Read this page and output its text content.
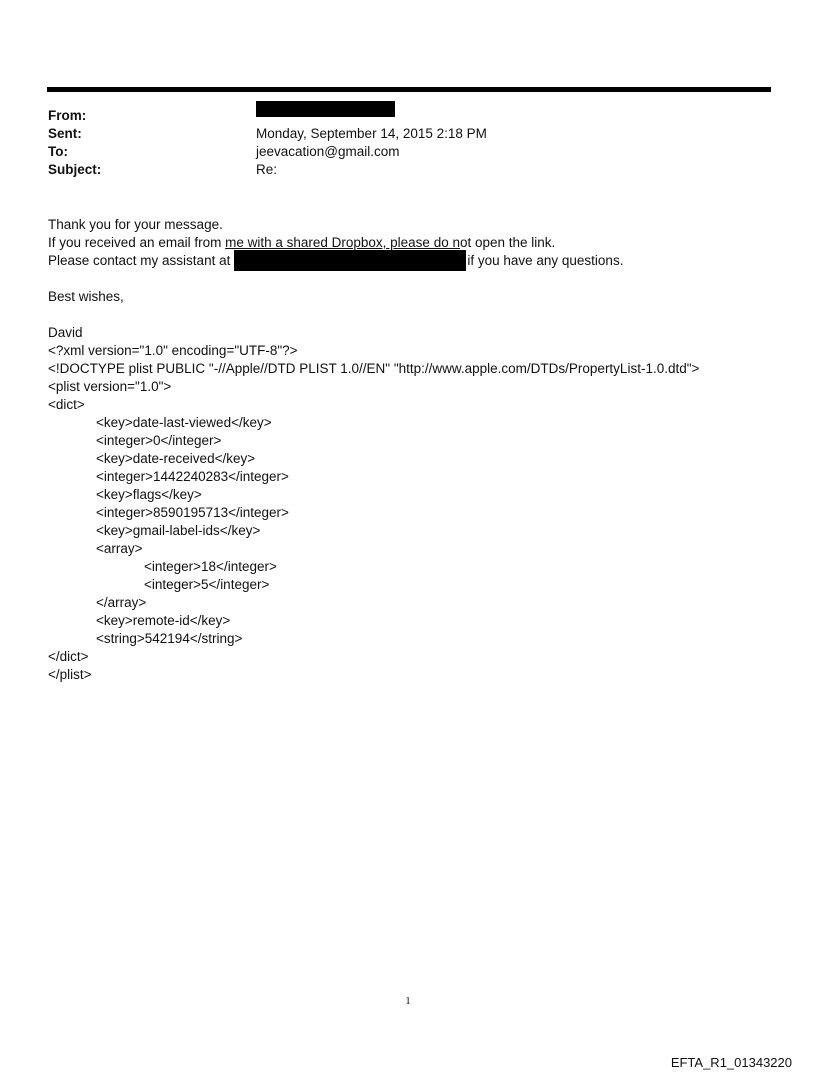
From:
Sent:	Monday, September 14, 2015 2:18 PM
To:	jeevacation@gmail.com
Subject:	Re:
Thank you for your message.
If you received an email from me with a shared Dropbox, please do not open the link.
Please contact my assistant at	if you have any questions.
Best wishes,
David
<?xml version="1.0" encoding="UTF-8"?>
<!DOCTYPE plist PUBLIC "-//Apple//DTD PLIST 1.0//EN" "http://www.apple.com/DTDs/PropertyList-1.0.dtd">
<plist version="1.0">
<dict>
<key>date-last-viewed</key>
<integer>0</integer>
<key>date-received</key>
<integer>1442240283</integer>
<key>flags</key>
<integer>8590195713</integer>
<key>gmail-label-ids</key>
<array>
<integer>18</integer>
<integer>5</integer>
</array>
<key>remote-id</key>
<string>542194</string>
</dict>
</plist>
1
EFTA_R1_01343220
